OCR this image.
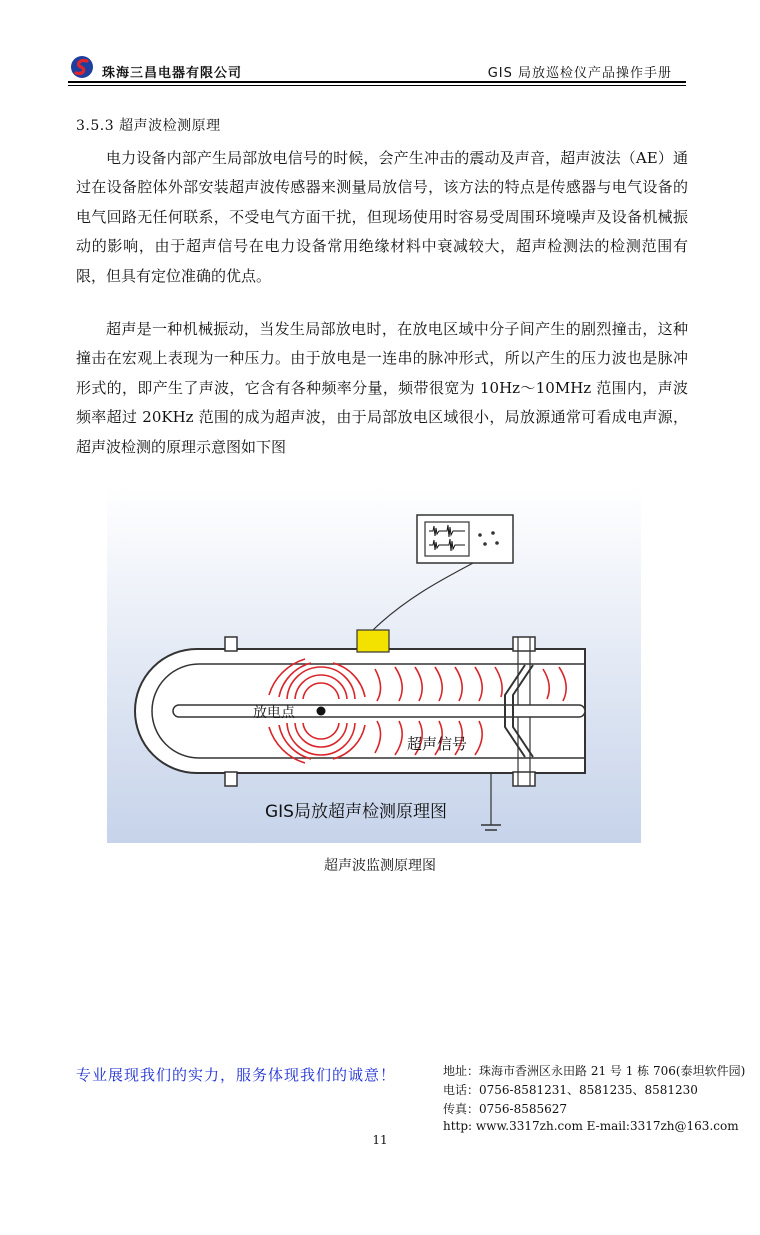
珠海三昌电器有限公司	GIS 局放巡检仪产品操作手册
3.5.3 超声波检测原理
电力设备内部产生局部放电信号的时候，会产生冲击的震动及声音，超声波法（AE）通过在设备腔体外部安装超声波传感器来测量局放信号，该方法的特点是传感器与电气设备的电气回路无任何联系，不受电气方面干扰，但现场使用时容易受周围环境噪声及设备机械振动的影响，由于超声信号在电力设备常用绝缘材料中衰减较大，超声检测法的检测范围有限，但具有定位准确的优点。
超声是一种机械振动，当发生局部放电时，在放电区域中分子间产生的剧烈撞击，这种撞击在宏观上表现为一种压力。由于放电是一连串的脉冲形式，所以产生的压力波也是脉冲形式的，即产生了声波，它含有各种频率分量，频带很宽为 10Hz～10MHz 范围内，声波频率超过 20KHz 范围的成为超声波，由于局部放电区域很小，局放源通常可看成电声源，超声波检测的原理示意图如下图
放电点
超声信号
GIS局放超声检测原理图
超声波监测原理图
专业展现我们的实力，服务体现我们的诚意！	地址：珠海市香洲区永田路 21 号 1 栋 706(泰坦软件园)
电话：0756-8581231、8581235、8581230
传真：0756-8585627
http: www.3317zh.com E-mail:3317zh@163.com
11
